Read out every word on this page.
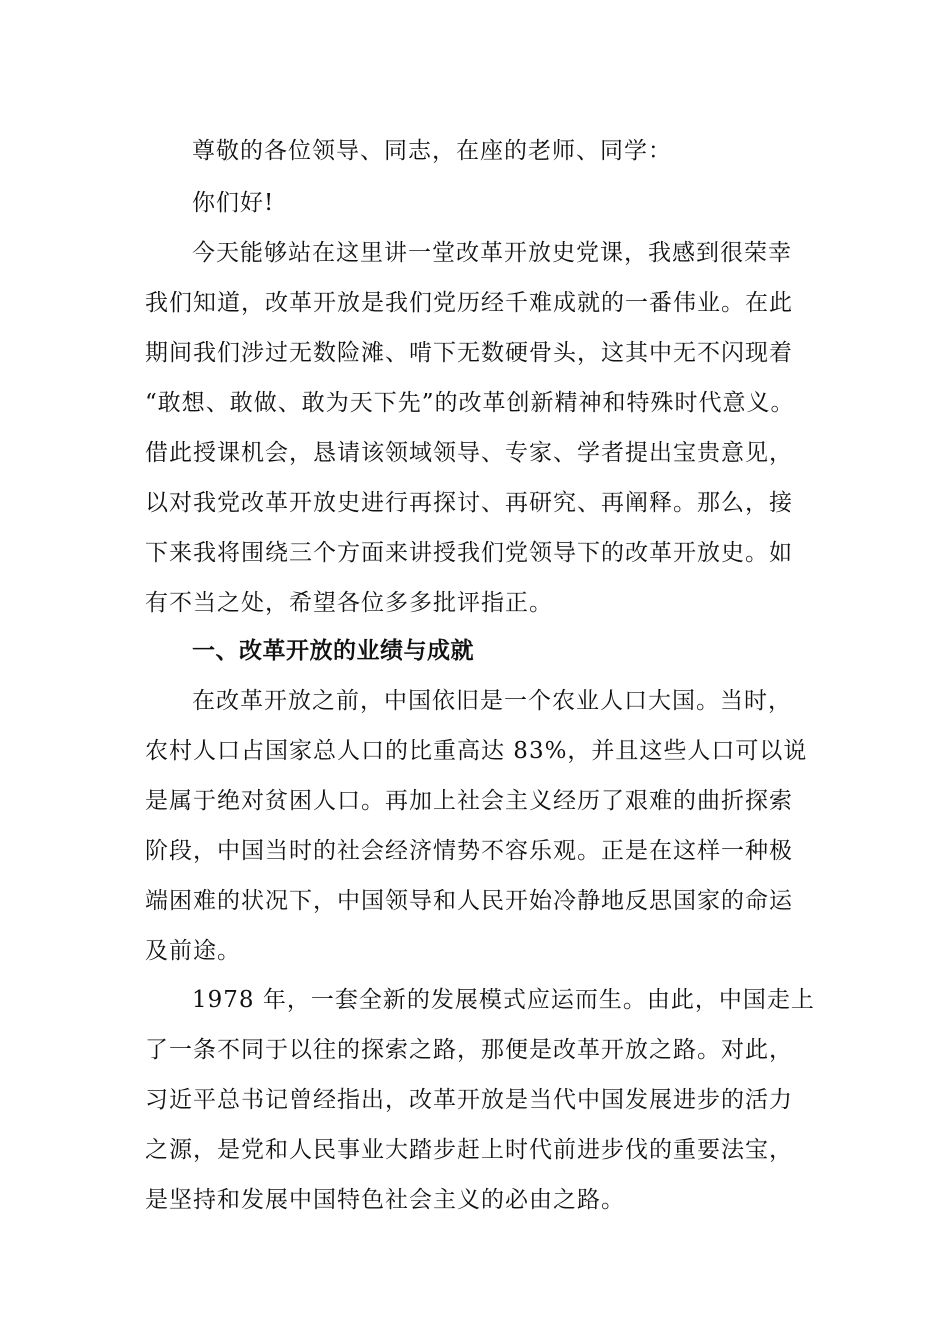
尊敬的各位领导、同志，在座的老师、同学：
你们好!
今天能够站在这里讲一堂改革开放史党课，我感到很荣幸
我们知道，改革开放是我们党历经千难成就的一番伟业。在此
期间我们涉过无数险滩、啃下无数硬骨头，这其中无不闪现着
“敢想、敢做、敢为天下先”的改革创新精神和特殊时代意义。
借此授课机会，恳请该领域领导、专家、学者提出宝贵意见，
以对我党改革开放史进行再探讨、再研究、再阐释。那么，接
下来我将围绕三个方面来讲授我们党领导下的改革开放史。如
有不当之处，希望各位多多批评指正。
一、改革开放的业绩与成就
在改革开放之前，中国依旧是一个农业人口大国。当时，
农村人口占国家总人口的比重高达 83%，并且这些人口可以说
是属于绝对贫困人口。再加上社会主义经历了艰难的曲折探索
阶段，中国当时的社会经济情势不容乐观。正是在这样一种极
端困难的状况下，中国领导和人民开始冷静地反思国家的命运
及前途。
1978 年，一套全新的发展模式应运而生。由此，中国走上
了一条不同于以往的探索之路，那便是改革开放之路。对此，
习近平总书记曾经指出，改革开放是当代中国发展进步的活力
之源，是党和人民事业大踏步赶上时代前进步伐的重要法宝，
是坚持和发展中国特色社会主义的必由之路。
